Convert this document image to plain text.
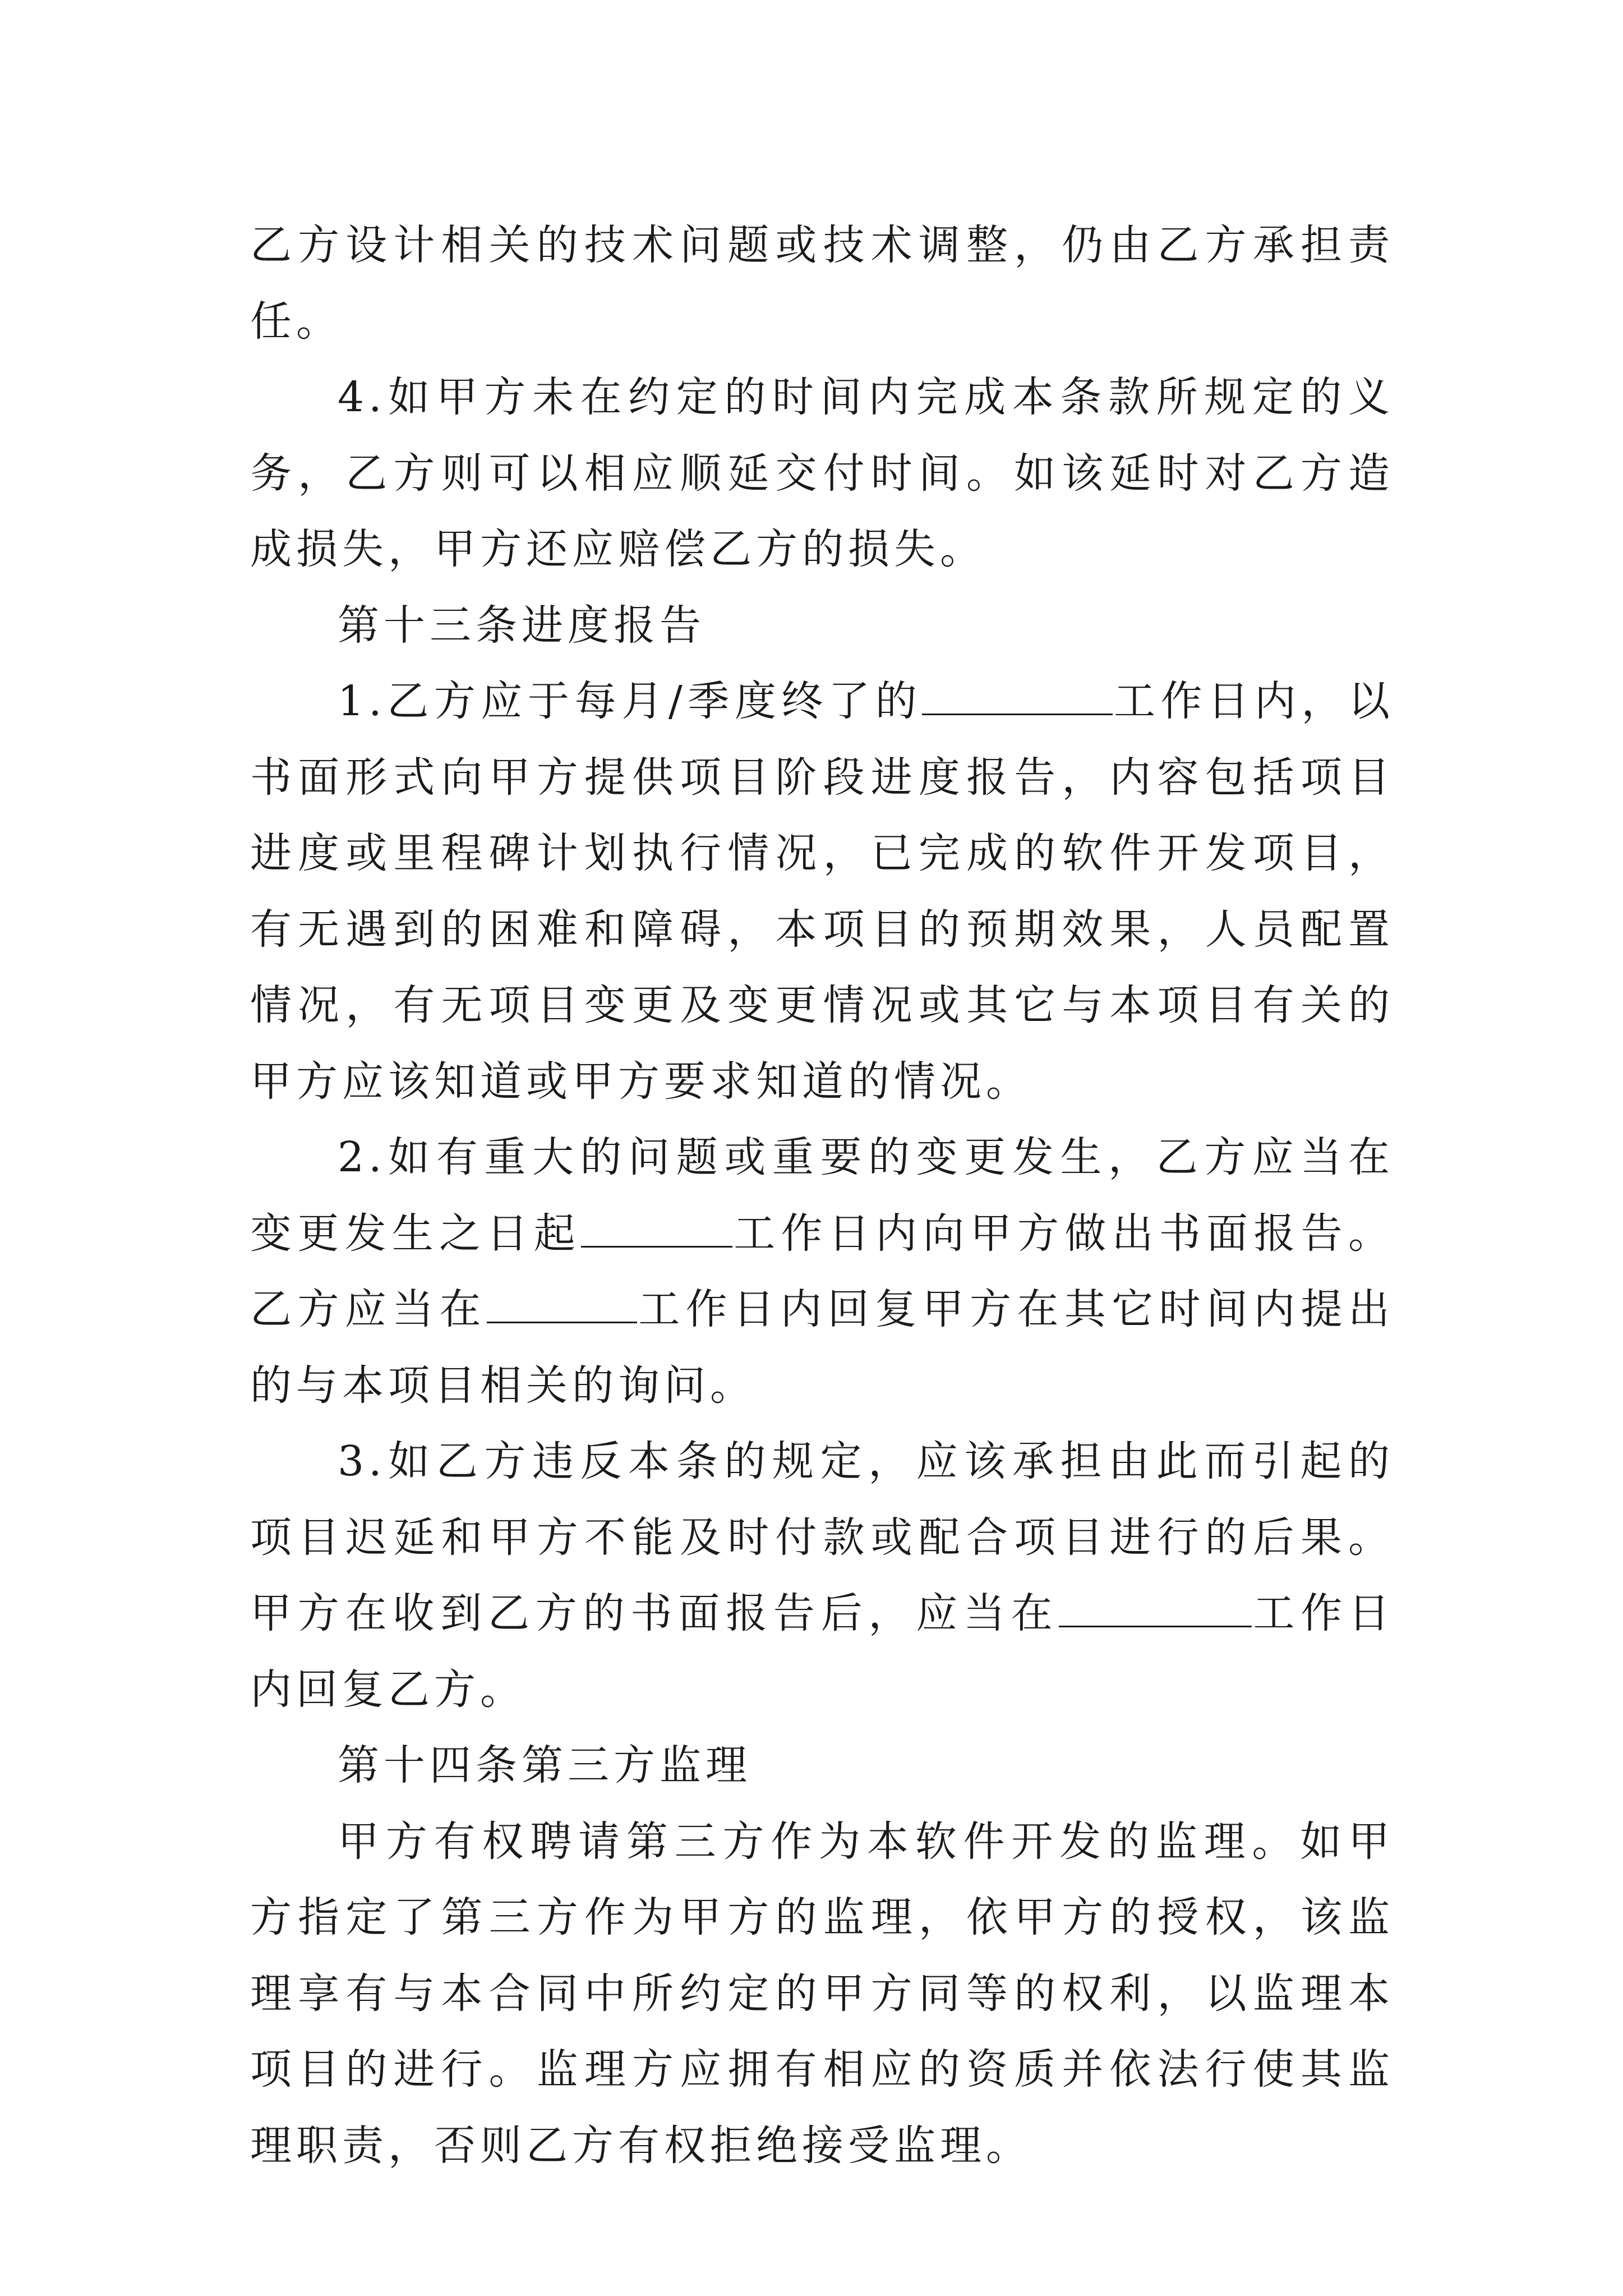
乙方设计相关的技术问题或技术调整，仍由乙方承担责任。

4.如甲方未在约定的时间内完成本条款所规定的义务，乙方则可以相应顺延交付时间。如该延时对乙方造成损失，甲方还应赔偿乙方的损失。

第十三条进度报告

1.乙方应于每月/季度终了的	工作日内，以书面形式向甲方提供项目阶段进度报告，内容包括项目进度或里程碑计划执行情况，已完成的软件开发项目，有无遇到的困难和障碍，本项目的预期效果，人员配置情况，有无项目变更及变更情况或其它与本项目有关的甲方应该知道或甲方要求知道的情况。

2.如有重大的问题或重要的变更发生，乙方应当在变更发生之日起	工作日内向甲方做出书面报告。乙方应当在	工作日内回复甲方在其它时间内提出的与本项目相关的询问。

3.如乙方违反本条的规定，应该承担由此而引起的项目迟延和甲方不能及时付款或配合项目进行的后果。甲方在收到乙方的书面报告后，应当在	工作日内回复乙方。

第十四条第三方监理

甲方有权聘请第三方作为本软件开发的监理。如甲方指定了第三方作为甲方的监理，依甲方的授权，该监理享有与本合同中所约定的甲方同等的权利，以监理本项目的进行。监理方应拥有相应的资质并依法行使其监理职责，否则乙方有权拒绝接受监理。
